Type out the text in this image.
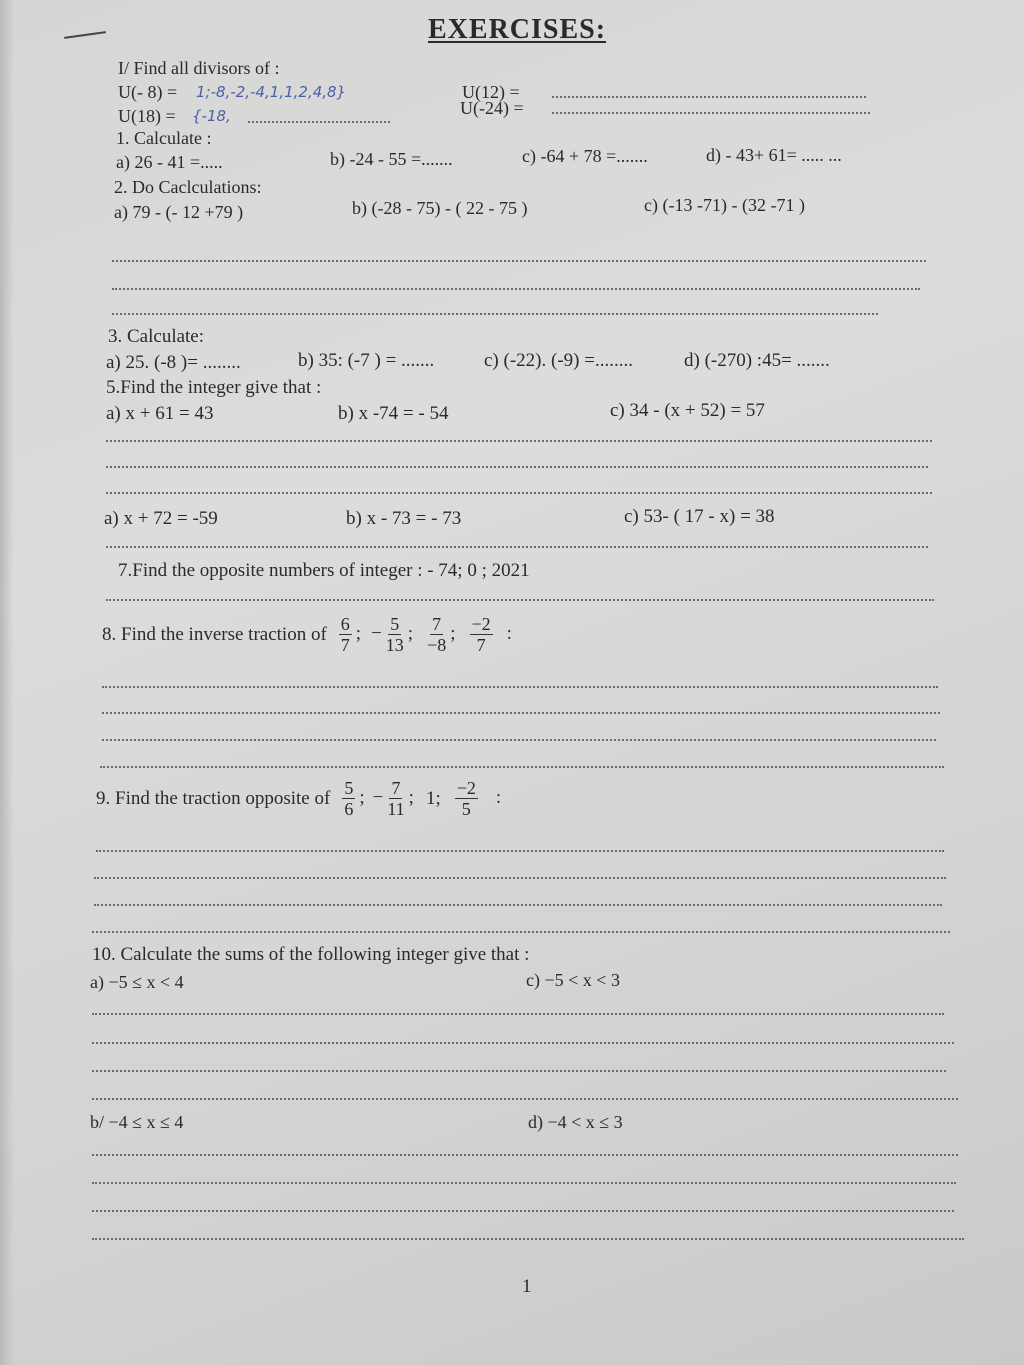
EXERCISES:
I/ Find all divisors of :
U(- 8) = 1;-8,-2,-4,1,1,2,4,8}	U(12) =
U(18) = {-18,	U(-24) =
1. Calculate :
a) 26 - 41 =.....	b) -24 - 55 =.......	c) -64 + 78 =.......	d) - 43+ 61= ..... ...
2. Do Caclculations:
a) 79 - (- 12 +79 )	b) (-28 - 75) - ( 22 - 75 )	c) (-13 -71) - (32 -71 )
3. Calculate:
a) 25. (-8 )= ........	b) 35: (-7 ) = .......	c) (-22). (-9) =........	d) (-270) :45= .......
5.Find the integer give that :
a) x + 61 = 43	b) x -74 = - 54	c) 34 - (x + 52) = 57
a) x + 72 = -59	b) x - 73 = - 73	c) 53- ( 17 - x) = 38
7.Find the opposite numbers of integer : - 74; 0 ; 2021
8. Find the inverse traction of $\frac{6}{7}$ ; − $\frac{5}{13}$ ; $\frac{7}{-8}$ ; $\frac{-2}{7}$ :
9. Find the traction opposite of $\frac{5}{6}$ ; − $\frac{7}{11}$ ; 1; $\frac{-2}{5}$ :
10. Calculate the sums of the following integer give that :
a) −5 ≤ x < 4	c) −5 < x < 3
b/ −4 ≤ x ≤ 4	d) −4 < x ≤ 3
1
